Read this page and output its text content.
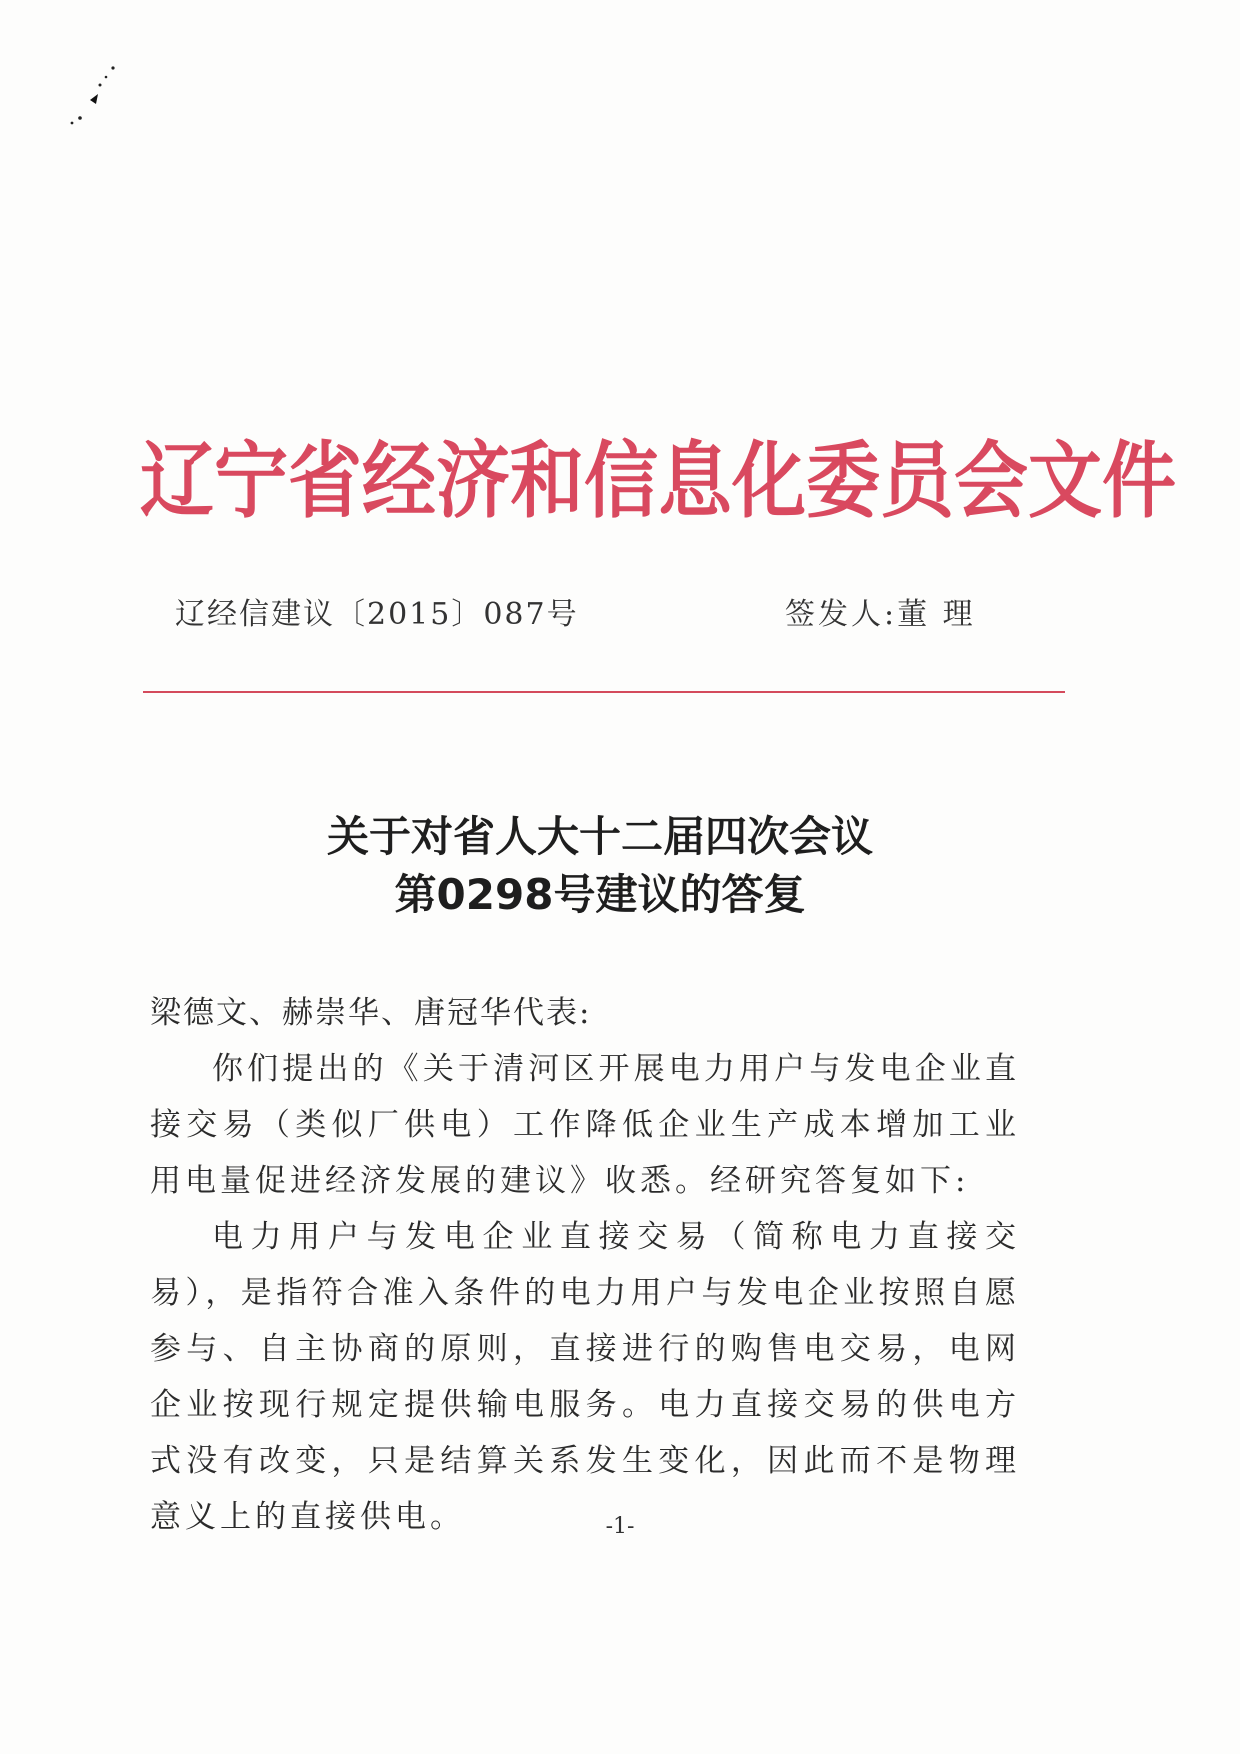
辽宁省经济和信息化委员会文件
辽经信建议〔2015〕087号	签发人:董 理
关于对省人大十二届四次会议
第0298号建议的答复

梁德文、赫崇华、唐冠华代表:

你们提出的《关于清河区开展电力用户与发电企业直接交易（类似厂供电）工作降低企业生产成本增加工业用电量促进经济发展的建议》收悉。经研究答复如下:

电力用户与发电企业直接交易（简称电力直接交易），是指符合准入条件的电力用户与发电企业按照自愿参与、自主协商的原则，直接进行的购售电交易，电网企业按现行规定提供输电服务。电力直接交易的供电方式没有改变，只是结算关系发生变化，因此而不是物理意义上的直接供电。	-1-
